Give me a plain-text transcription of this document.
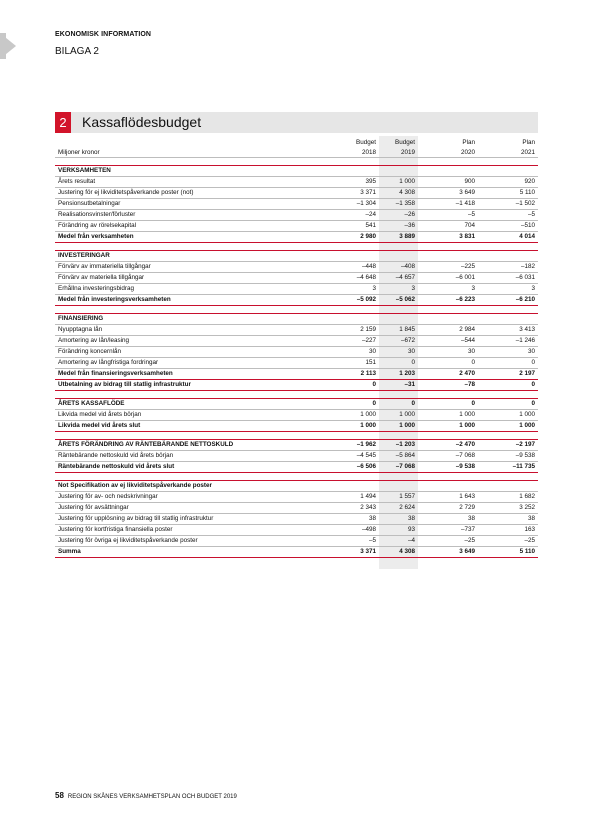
EKONOMISK INFORMATION
BILAGA 2
2	Kassaflödesbudget
	Budget	Budget	Plan	Plan
Miljoner kronor	2018	2019	2020	2021

VERKSAMHETEN				
Årets resultat	395	1 000	900	920
Justering för ej likviditetspåverkande poster (not)	3 371	4 308	3 649	5 110
Pensionsutbetalningar	–1 304	–1 358	–1 418	–1 502
Realisationsvinster/förluster	–24	–26	–5	–5
Förändring av rörelsekapital	541	–36	704	–510
Medel från verksamheten	2 980	3 889	3 831	4 014

INVESTERINGAR				
Förvärv av immateriella tillgångar	–448	–408	–225	–182
Förvärv av materiella tillgångar	–4 648	–4 657	–6 001	–6 031
Erhållna investeringsbidrag	3	3	3	3
Medel från investeringsverksamheten	–5 092	–5 062	–6 223	–6 210

FINANSIERING				
Nyupptagna lån	2 159	1 845	2 984	3 413
Amortering av lån/leasing	–227	–672	–544	–1 246
Förändring koncernlån	30	30	30	30
Amortering av långfristiga fordringar	151	0	0	0
Medel från finansieringsverksamheten	2 113	1 203	2 470	2 197
Utbetalning av bidrag till statlig infrastruktur	0	–31	–78	0

ÅRETS KASSAFLÖDE	0	0	0	0
Likvida medel vid årets början	1 000	1 000	1 000	1 000
Likvida medel vid årets slut	1 000	1 000	1 000	1 000

ÅRETS FÖRÄNDRING AV RÄNTEBÄRANDE NETTOSKULD	–1 962	–1 203	–2 470	–2 197
Räntebärande nettoskuld vid årets början	–4 545	–5 864	–7 068	–9 538
Räntebärande nettoskuld vid årets slut	–6 506	–7 068	–9 538	–11 735

Not Specifikation av ej likviditetspåverkande poster				
Justering för av- och nedskrivningar	1 494	1 557	1 643	1 682
Justering för avsättningar	2 343	2 624	2 729	3 252
Justering för upplösning av bidrag till statlig infrastruktur	38	38	38	38
Justering för kortfristiga finansiella poster	–498	93	–737	163
Justering för övriga ej likviditetspåverkande poster	–5	–4	–25	–25
Summa	3 371	4 308	3 649	5 110
58 REGION SKÅNES VERKSAMHETSPLAN OCH BUDGET 2019
